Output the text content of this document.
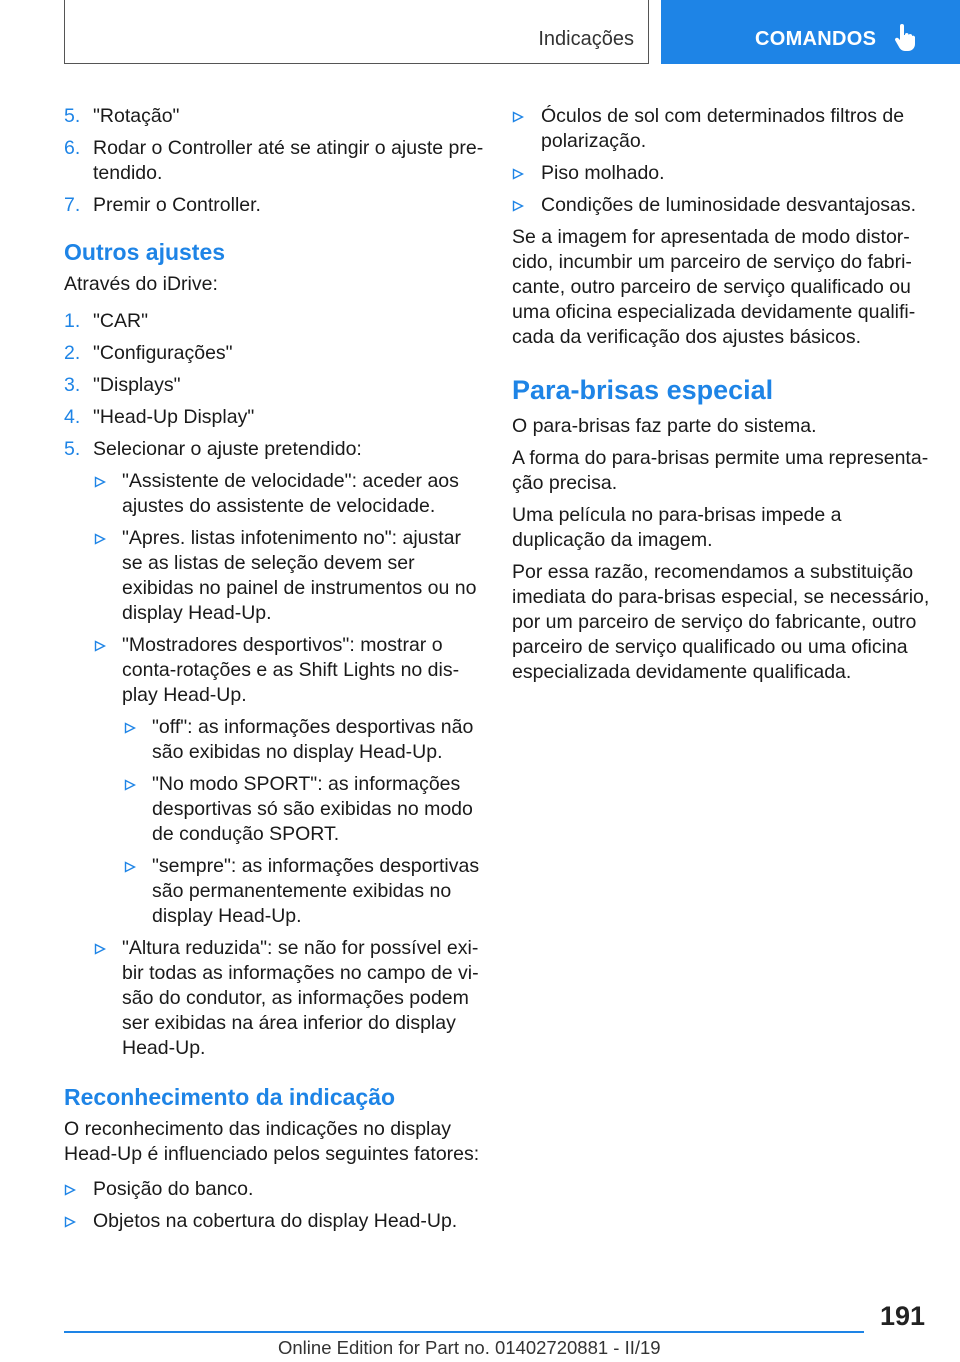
Indicações	COMANDOS
5. "Rotação"
6. Rodar o Controller até se atingir o ajuste pre-tendido.
7. Premir o Controller.
Outros ajustes

Através do iDrive:

1. "CAR"
2. "Configurações"
3. "Displays"
4. "Head-Up Display"
5. Selecionar o ajuste pretendido:
"Assistente de velocidade": aceder aos ajustes do assistente de velocidade.
"Apres. listas infotenimento no": ajustar se as listas de seleção devem ser exibidas no painel de instrumentos ou no display Head-Up.
"Mostradores desportivos": mostrar o conta-rotações e as Shift Lights no dis-play Head-Up.
"off": as informações desportivas não são exibidas no display Head-Up.
"No modo SPORT": as informações desportivas só são exibidas no modo de condução SPORT.
"sempre": as informações desportivas são permanentemente exibidas no display Head-Up.
"Altura reduzida": se não for possível exi-bir todas as informações no campo de vi-são do condutor, as informações podem ser exibidas na área inferior do display Head-Up.
Reconhecimento da indicação

O reconhecimento das indicações no display Head-Up é influenciado pelos seguintes fatores:

Posição do banco.
Objetos na cobertura do display Head-Up.
Óculos de sol com determinados filtros de polarização.
Piso molhado.
Condições de luminosidade desvantajosas.

Se a imagem for apresentada de modo distor-cido, incumbir um parceiro de serviço do fabri-cante, outro parceiro de serviço qualificado ou uma oficina especializada devidamente qualifi-cada da verificação dos ajustes básicos.

Para-brisas especial

O para-brisas faz parte do sistema.

A forma do para-brisas permite uma representa-ção precisa.

Uma película no para-brisas impede a duplicação da imagem.

Por essa razão, recomendamos a substituição imediata do para-brisas especial, se necessário, por um parceiro de serviço do fabricante, outro parceiro de serviço qualificado ou uma oficina especializada devidamente qualificada.

191
Online Edition for Part no. 01402720881 - II/19
